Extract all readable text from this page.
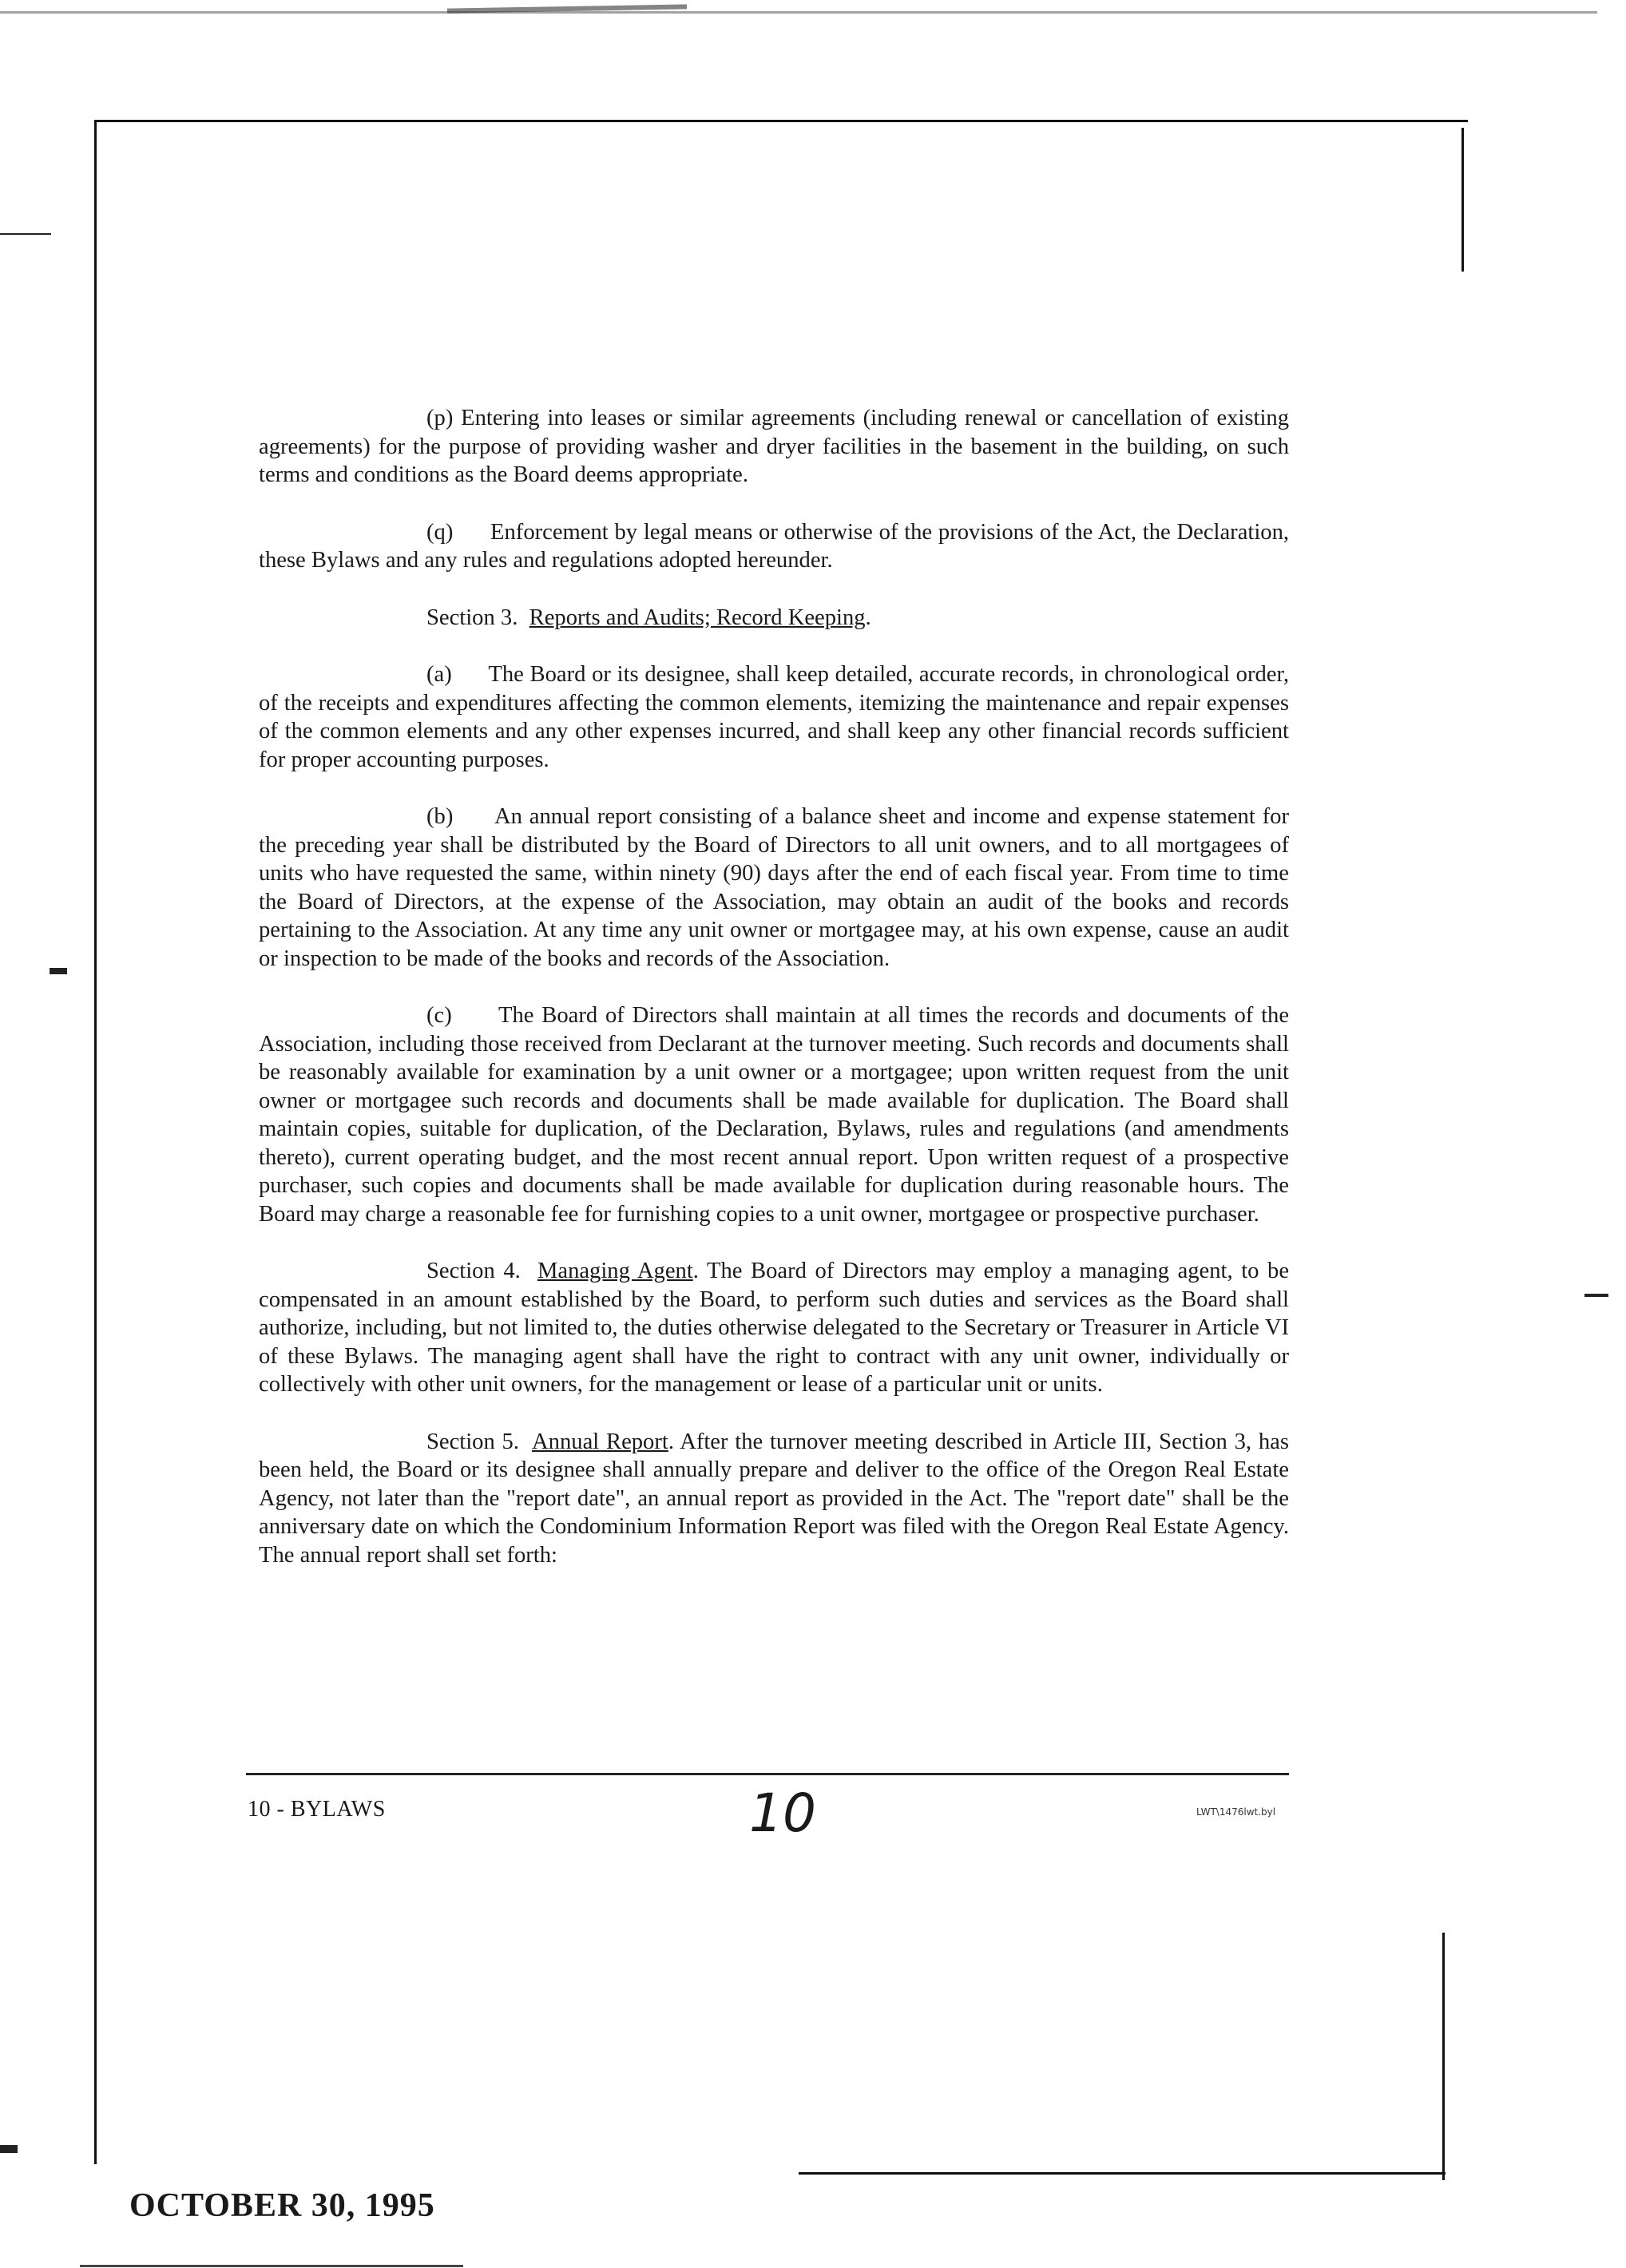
(p) Entering into leases or similar agreements (including renewal or cancellation of existing agreements) for the purpose of providing washer and dryer facilities in the basement in the building, on such terms and conditions as the Board deems appropriate.

(q) Enforcement by legal means or otherwise of the provisions of the Act, the Declaration, these Bylaws and any rules and regulations adopted hereunder.

Section 3. Reports and Audits; Record Keeping.

(a) The Board or its designee, shall keep detailed, accurate records, in chronological order, of the receipts and expenditures affecting the common elements, itemizing the maintenance and repair expenses of the common elements and any other expenses incurred, and shall keep any other financial records sufficient for proper accounting purposes.

(b) An annual report consisting of a balance sheet and income and expense statement for the preceding year shall be distributed by the Board of Directors to all unit owners, and to all mortgagees of units who have requested the same, within ninety (90) days after the end of each fiscal year. From time to time the Board of Directors, at the expense of the Association, may obtain an audit of the books and records pertaining to the Association. At any time any unit owner or mortgagee may, at his own expense, cause an audit or inspection to be made of the books and records of the Association.

(c) The Board of Directors shall maintain at all times the records and documents of the Association, including those received from Declarant at the turnover meeting. Such records and documents shall be reasonably available for examination by a unit owner or a mortgagee; upon written request from the unit owner or mortgagee such records and documents shall be made available for duplication. The Board shall maintain copies, suitable for duplication, of the Declaration, Bylaws, rules and regulations (and amendments thereto), current operating budget, and the most recent annual report. Upon written request of a prospective purchaser, such copies and documents shall be made available for duplication during reasonable hours. The Board may charge a reasonable fee for furnishing copies to a unit owner, mortgagee or prospective purchaser.

Section 4. Managing Agent. The Board of Directors may employ a managing agent, to be compensated in an amount established by the Board, to perform such duties and services as the Board shall authorize, including, but not limited to, the duties otherwise delegated to the Secretary or Treasurer in Article VI of these Bylaws. The managing agent shall have the right to contract with any unit owner, individually or collectively with other unit owners, for the management or lease of a particular unit or units.

Section 5. Annual Report. After the turnover meeting described in Article III, Section 3, has been held, the Board or its designee shall annually prepare and deliver to the office of the Oregon Real Estate Agency, not later than the "report date", an annual report as provided in the Act. The "report date" shall be the anniversary date on which the Condominium Information Report was filed with the Oregon Real Estate Agency. The annual report shall set forth:

10 - BYLAWS	10	LWT\1476lwt.byl
OCTOBER 30, 1995
